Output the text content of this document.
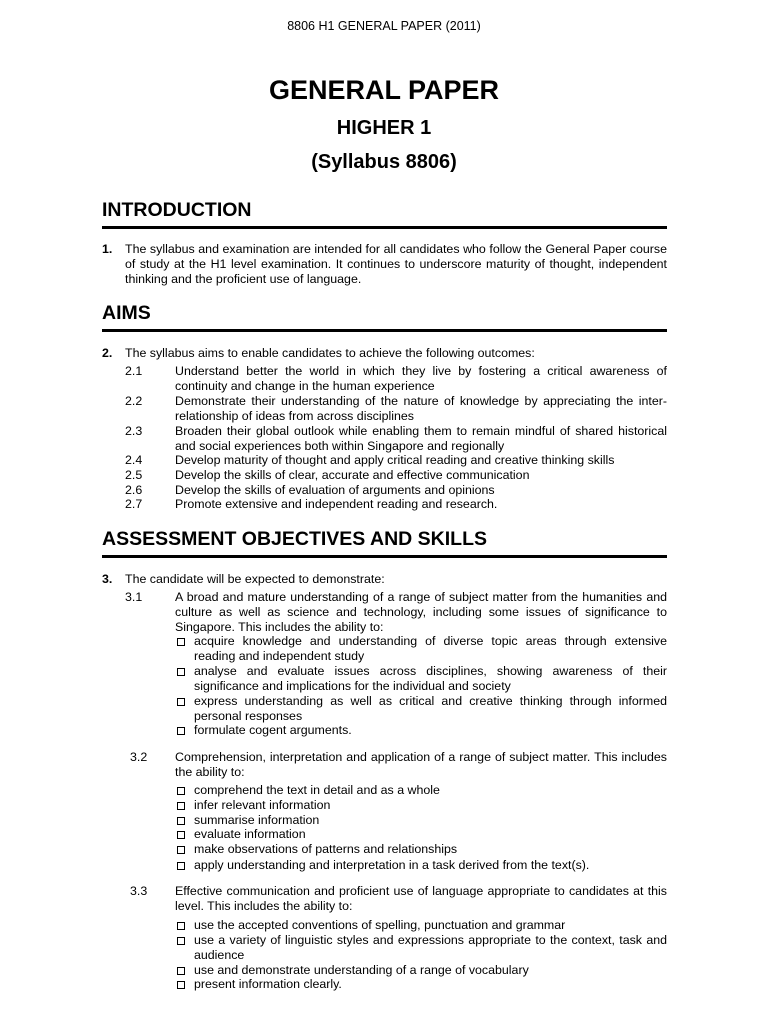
8806 H1 GENERAL PAPER (2011)
GENERAL PAPER
HIGHER 1
(Syllabus 8806)
INTRODUCTION
1. The syllabus and examination are intended for all candidates who follow the General Paper course of study at the H1 level examination. It continues to underscore maturity of thought, independent thinking and the proficient use of language.
AIMS
2. The syllabus aims to enable candidates to achieve the following outcomes:
2.1	Understand better the world in which they live by fostering a critical awareness of continuity and change in the human experience
2.2	Demonstrate their understanding of the nature of knowledge by appreciating the inter-relationship of ideas from across disciplines
2.3	Broaden their global outlook while enabling them to remain mindful of shared historical and social experiences both within Singapore and regionally
2.4	Develop maturity of thought and apply critical reading and creative thinking skills
2.5	Develop the skills of clear, accurate and effective communication
2.6	Develop the skills of evaluation of arguments and opinions
2.7	Promote extensive and independent reading and research.
ASSESSMENT OBJECTIVES AND SKILLS
3. The candidate will be expected to demonstrate:
3.1	A broad and mature understanding of a range of subject matter from the humanities and culture as well as science and technology, including some issues of significance to Singapore. This includes the ability to:
acquire knowledge and understanding of diverse topic areas through extensive reading and independent study
analyse and evaluate issues across disciplines, showing awareness of their significance and implications for the individual and society
express understanding as well as critical and creative thinking through informed personal responses
formulate cogent arguments.
3.2 Comprehension, interpretation and application of a range of subject matter. This includes the ability to:
comprehend the text in detail and as a whole
infer relevant information
summarise information
evaluate information
make observations of patterns and relationships
apply understanding and interpretation in a task derived from the text(s).
3.3 Effective communication and proficient use of language appropriate to candidates at this level. This includes the ability to:
use the accepted conventions of spelling, punctuation and grammar
use a variety of linguistic styles and expressions appropriate to the context, task and audience
use and demonstrate understanding of a range of vocabulary
present information clearly.
